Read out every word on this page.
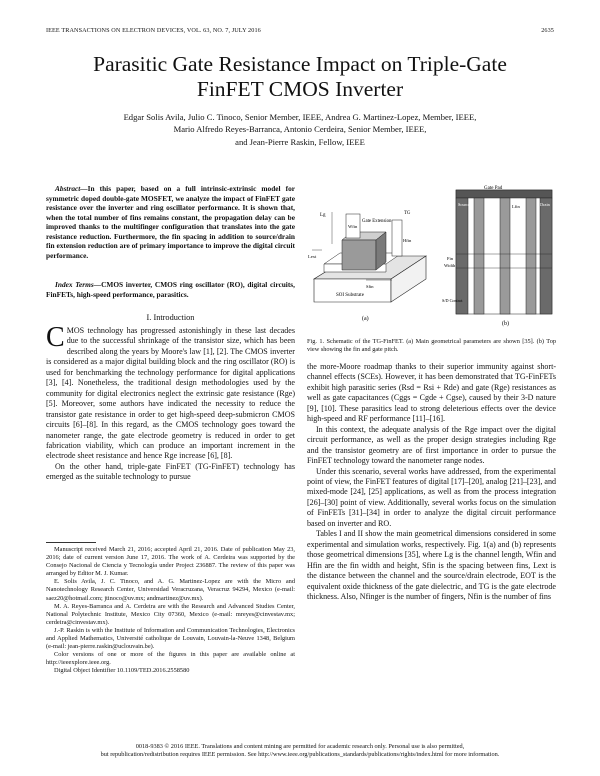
IEEE TRANSACTIONS ON ELECTRON DEVICES, VOL. 63, NO. 7, JULY 2016	2635
Parasitic Gate Resistance Impact on Triple-Gate
FinFET CMOS Inverter
Edgar Solis Avila, Julio C. Tinoco, Senior Member, IEEE, Andrea G. Martinez-Lopez, Member, IEEE,
Mario Alfredo Reyes-Barranca, Antonio Cerdeira, Senior Member, IEEE,
and Jean-Pierre Raskin, Fellow, IEEE
Abstract—In this paper, based on a full intrinsic-extrinsic model for symmetric doped double-gate MOSFET, we analyze the impact of FinFET gate resistance over the inverter and ring oscillator performance. It is shown that, when the total number of fins remains constant, the propagation delay can be improved thanks to the multifinger configuration that translates into the gate resistance reduction. Furthermore, the fin spacing in addition to source/drain fin extension reduction are of primary importance to improve the digital circuit performance.
Index Terms—CMOS inverter, CMOS ring oscillator (RO), digital circuits, FinFETs, high-speed performance, parasitics.
I. Introduction

CMOS technology has progressed astonishingly in these last decades due to the successful shrinkage of the transistor size, which has been described along the years by Moore's law [1], [2]. The CMOS inverter is considered as a major digital building block and the ring oscillator (RO) is used for benchmarking the technology performance for digital applications [3], [4]. Nonetheless, the traditional design methodologies used by the community for digital electronics neglect the extrinsic gate resistance (Rge) [5]. Moreover, some authors have indicated the necessity to reduce the transistor gate resistance in order to get high-speed deep-submicron CMOS circuits [6]–[8]. In this regard, as the CMOS technology goes toward the nanometer range, the gate electrode geometry is reduced in order to get fabrication viability, which can produce an important increment in the electrode sheet resistance and hence Rge increase [6], [8].

On the other hand, triple-gate FinFET (TG-FinFET) technology has emerged as the suitable technology to pursue

Manuscript received March 21, 2016; accepted April 21, 2016. Date of publication May 23, 2016; date of current version June 17, 2016. The work of A. Cerdeira was supported by the Consejo Nacional de Ciencia y Tecnología under Project 236887. The review of this paper was arranged by Editor M. J. Kumar.

E. Solis Avila, J. C. Tinoco, and A. G. Martinez-Lopez are with the Micro and Nanotechnology Research Center, Universidad Veracruzana, Veracruz 94294, Mexico (e-mail: saez20@hotmail.com; jtinoco@uv.mx; andmartinez@uv.mx).

M. A. Reyes-Barranca and A. Cerdeira are with the Research and Advanced Studies Center, National Polytechnic Institute, Mexico City 07360, Mexico (e-mail: mreyes@cinvestav.mx; cerdeira@cinvestav.mx).

J.-P. Raskin is with the Institute of Information and Communication Technologies, Electronics and Applied Mathematics, Université catholique de Louvain, Louvain-la-Neuve 1348, Belgium (e-mail: jean-pierre.raskin@uclouvain.be).

Color versions of one or more of the figures in this paper are available online at http://ieeexplore.ieee.org.

Digital Object Identifier 10.1109/TED.2016.2558580

Lg
Wfin
Gate Extension
TG
Hfin
Lext
Sfin
SOI Substrate
(a)
Gate Pad
Source	Drain
Fin
Width
S/D Contact
Lfin
(b)
Fig. 1. Schematic of the TG-FinFET. (a) Main geometrical parameters are shown [35]. (b) Top view showing the fin and gate pitch.

the more-Moore roadmap thanks to their superior immunity against short-channel effects (SCEs). However, it has been demonstrated that TG-FinFETs exhibit high parasitic series (Rsd = Rsi + Rde) and gate (Rge) resistances as well as gate capacitances (Cggs = Cgde + Cgse), caused by their 3-D nature [9], [10]. These parasitics lead to strong deleterious effects over the device high-speed and RF performance [11]–[16].

In this context, the adequate analysis of the Rge impact over the digital circuit performance, as well as the proper design strategies including Rge and the transistor geometry are of first importance in order to pursue the FinFET technology toward the nanometer range nodes.

Under this scenario, several works have addressed, from the experimental point of view, the FinFET features of digital [17]–[20], analog [21]–[23], and mixed-mode [24], [25] applications, as well as from the process integration [26]–[30] point of view. Additionally, several works focus on the simulation of FinFETs [31]–[34] in order to analyze the digital circuit performance based on inverter and RO.

Tables I and II show the main geometrical dimensions considered in some experimental and simulation works, respectively. Fig. 1(a) and (b) represents those geometrical dimensions [35], where Lg is the channel length, Wfin and Hfin are the fin width and height, Sfin is the spacing between fins, Lext is the distance between the channel and the source/drain electrode, EOT is the equivalent oxide thickness of the gate dielectric, and TG is the gate electrode thickness. Also, Nfinger is the number of fingers, Nfin is the number of fins

0018-9383 © 2016 IEEE. Translations and content mining are permitted for academic research only. Personal use is also permitted,
but republication/redistribution requires IEEE permission. See http://www.ieee.org/publications_standards/publications/rights/index.html for more information.
